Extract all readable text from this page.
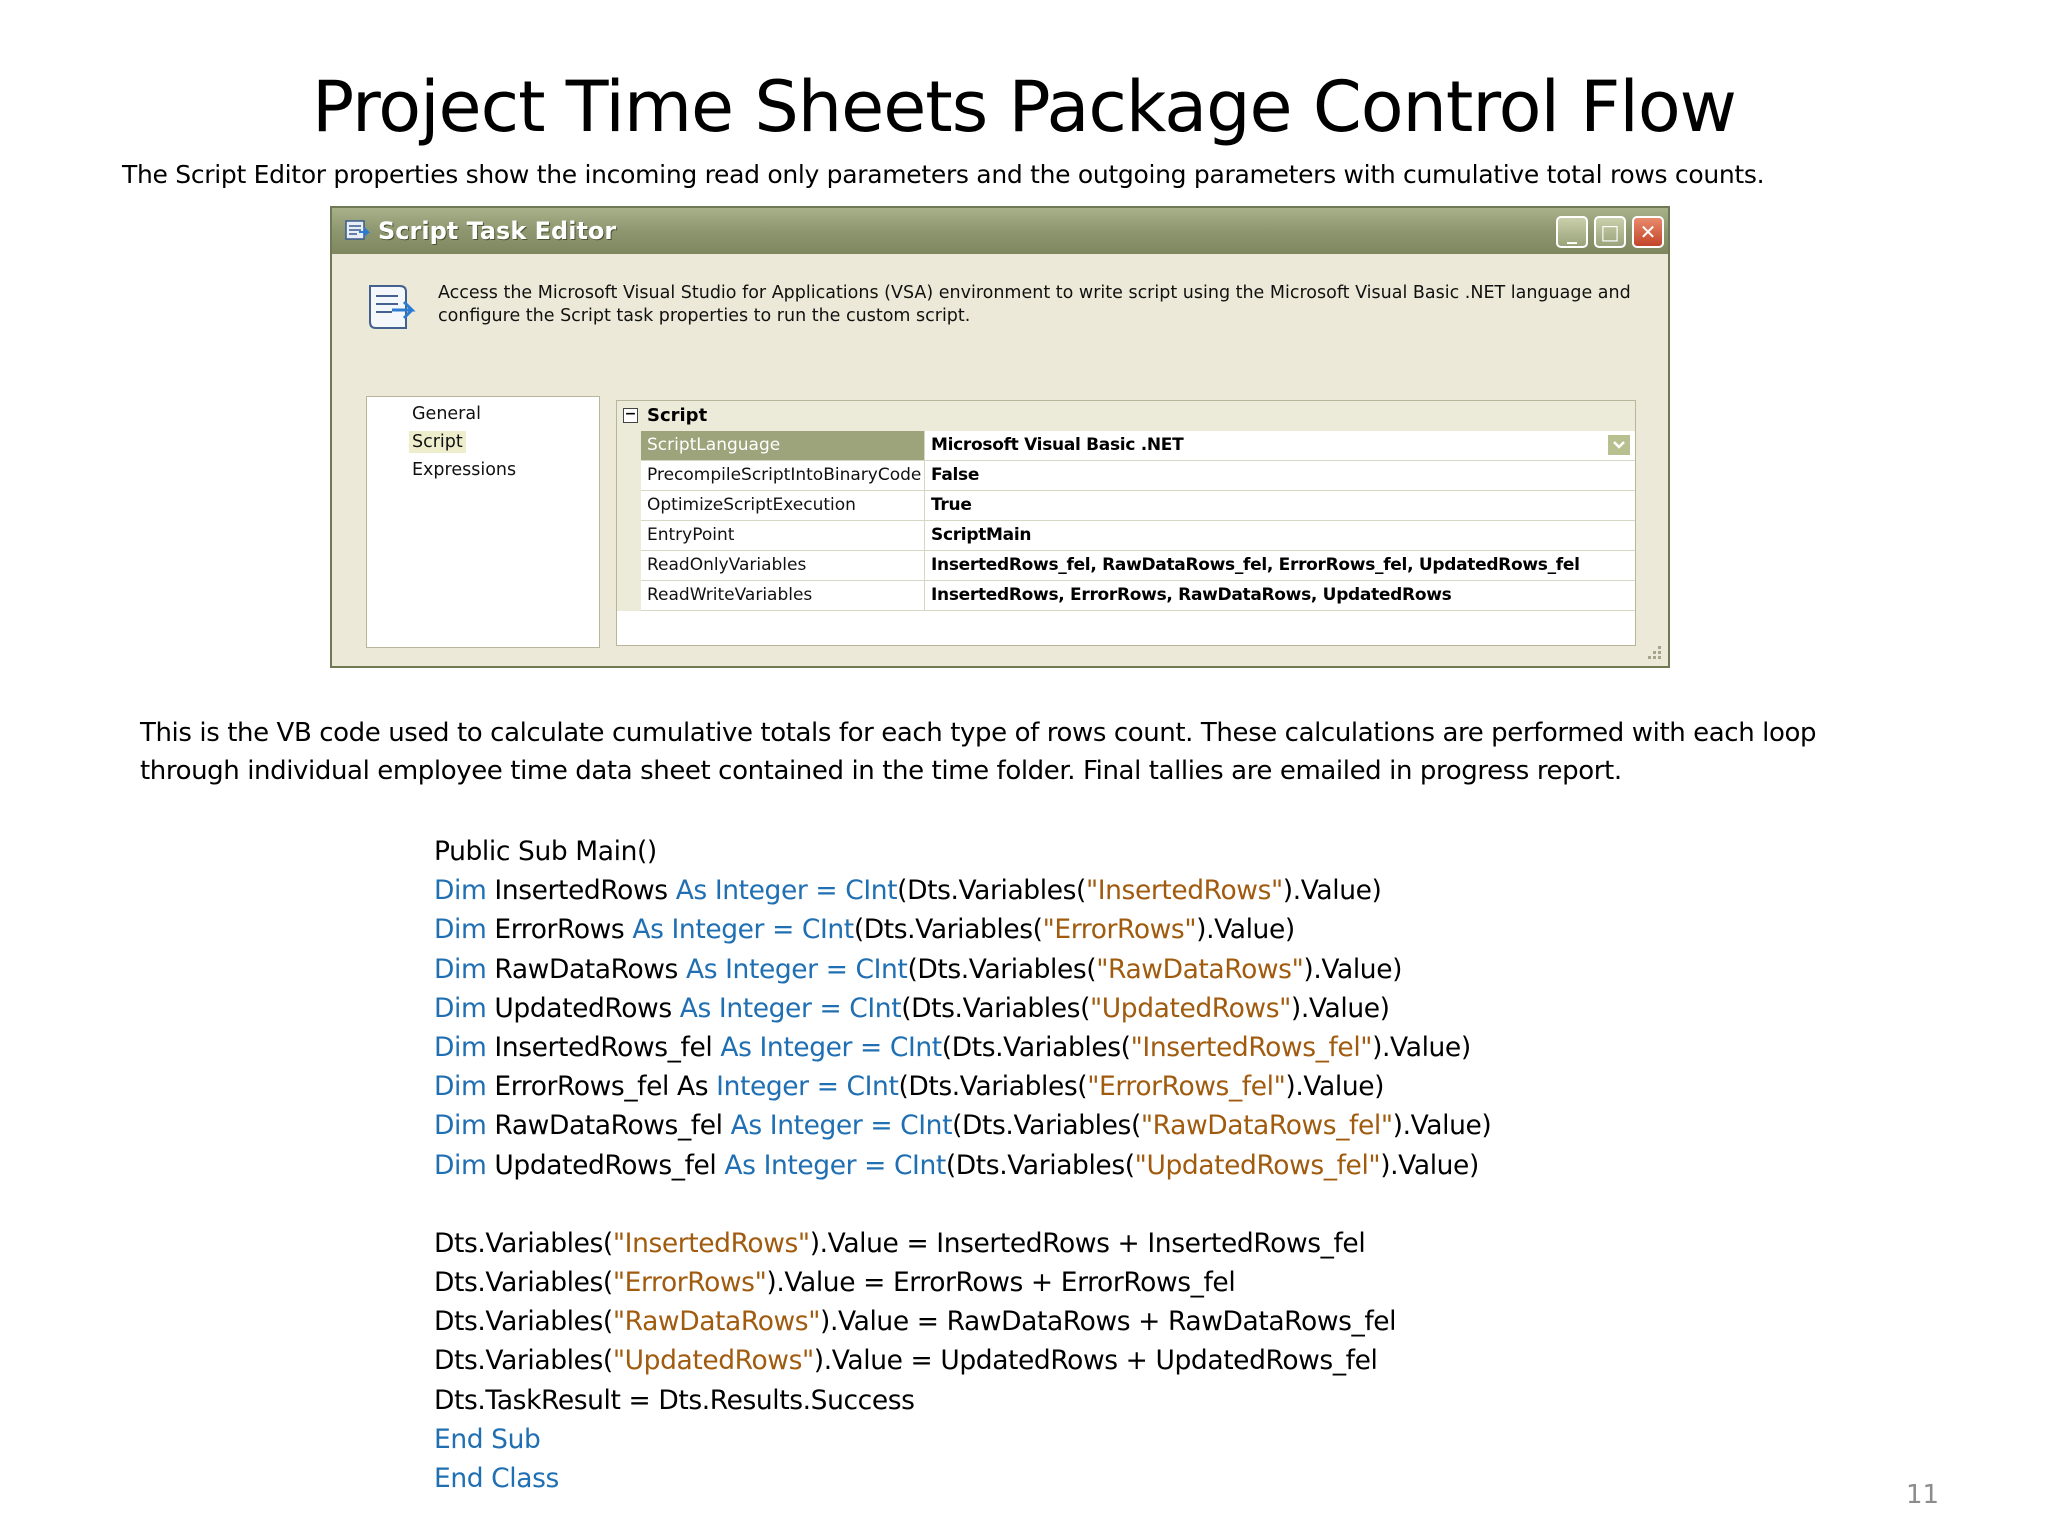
Project Time Sheets Package Control Flow
The Script Editor properties show the incoming read only parameters and the outgoing parameters with cumulative total rows counts.
Script Task Editor	_	□	✕
Access the Microsoft Visual Studio for Applications (VSA) environment to write script using the Microsoft Visual Basic .NET language and configure the Script task properties to run the custom script.
General
Script
Expressions
− Script
ScriptLanguage	Microsoft Visual Basic .NET
PrecompileScriptIntoBinaryCode False
OptimizeScriptExecution	True
EntryPoint	ScriptMain
ReadOnlyVariables	InsertedRows_fel, RawDataRows_fel, ErrorRows_fel, UpdatedRows_fel
ReadWriteVariables	InsertedRows, ErrorRows, RawDataRows, UpdatedRows
This is the VB code used to calculate cumulative totals for each type of rows count. These calculations are performed with each loop
through individual employee time data sheet contained in the time folder. Final tallies are emailed in progress report.
Public Sub Main()
Dim InsertedRows As Integer = CInt(Dts.Variables("InsertedRows").Value)
Dim ErrorRows As Integer = CInt(Dts.Variables("ErrorRows").Value)
Dim RawDataRows As Integer = CInt(Dts.Variables("RawDataRows").Value)
Dim UpdatedRows As Integer = CInt(Dts.Variables("UpdatedRows").Value)
Dim InsertedRows_fel As Integer = CInt(Dts.Variables("InsertedRows_fel").Value)
Dim ErrorRows_fel As Integer = CInt(Dts.Variables("ErrorRows_fel").Value)
Dim RawDataRows_fel As Integer = CInt(Dts.Variables("RawDataRows_fel").Value)
Dim UpdatedRows_fel As Integer = CInt(Dts.Variables("UpdatedRows_fel").Value)
Dts.Variables("InsertedRows").Value = InsertedRows + InsertedRows_fel
Dts.Variables("ErrorRows").Value = ErrorRows + ErrorRows_fel
Dts.Variables("RawDataRows").Value = RawDataRows + RawDataRows_fel
Dts.Variables("UpdatedRows").Value = UpdatedRows + UpdatedRows_fel
Dts.TaskResult = Dts.Results.Success
End Sub
End Class
11
